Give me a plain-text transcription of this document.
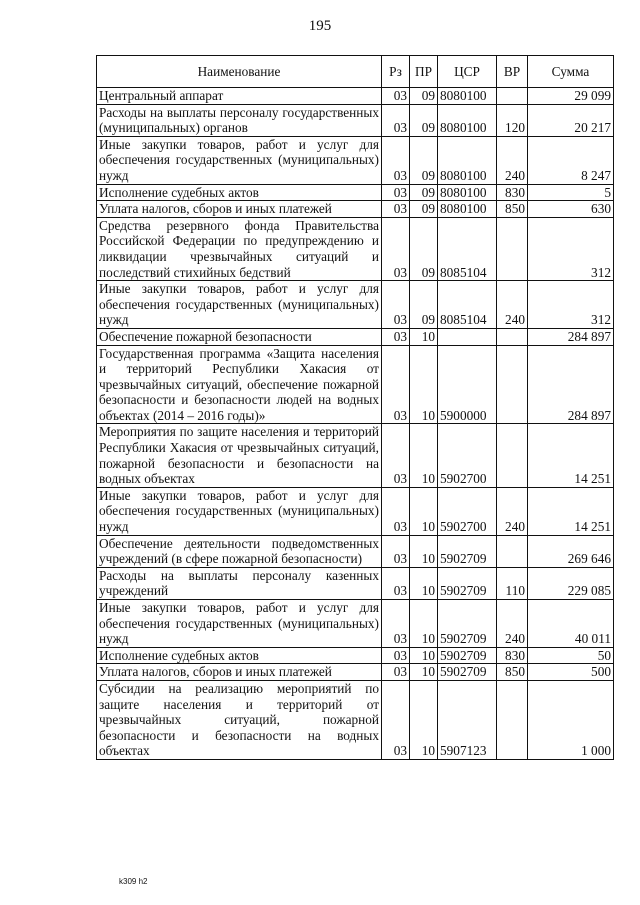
195
Наименование	Рз	ПР	ЦСР	ВР	Сумма
Центральный аппарат	03	09	8080100		29 099
Расходы на выплаты персоналу государственных (муниципальных) органов	03	09	8080100	120	20 217
Иные закупки товаров, работ и услуг для обеспечения государственных (муниципальных) нужд	03	09	8080100	240	8 247
Исполнение судебных актов	03	09	8080100	830	5
Уплата налогов, сборов и иных платежей	03	09	8080100	850	630
Средства резервного фонда Правительства Российской Федерации по предупреждению и ликвидации чрезвычайных ситуаций и последствий стихийных бедствий	03	09	8085104		312
Иные закупки товаров, работ и услуг для обеспечения государственных (муниципальных) нужд	03	09	8085104	240	312
Обеспечение пожарной безопасности	03	10			284 897
Государственная программа «Защита населения и территорий Республики Хакасия от чрезвычайных ситуаций, обеспечение пожарной безопасности и безопасности людей на водных объектах (2014 – 2016 годы)»	03	10	5900000		284 897
Мероприятия по защите населения и территорий Республики Хакасия от чрезвычайных ситуаций, пожарной безопасности и безопасности на водных объектах	03	10	5902700		14 251
Иные закупки товаров, работ и услуг для обеспечения государственных (муниципальных) нужд	03	10	5902700	240	14 251
Обеспечение деятельности подведомственных учреждений (в сфере пожарной безопасности)	03	10	5902709		269 646
Расходы на выплаты персоналу казенных учреждений	03	10	5902709	110	229 085
Иные закупки товаров, работ и услуг для обеспечения государственных (муниципальных) нужд	03	10	5902709	240	40 011
Исполнение судебных актов	03	10	5902709	830	50
Уплата налогов, сборов и иных платежей	03	10	5902709	850	500
Субсидии на реализацию мероприятий по защите населения и территорий от чрезвычайных ситуаций, пожарной безопасности и безопасности на водных объектах	03	10	5907123		1 000
k309 h2
